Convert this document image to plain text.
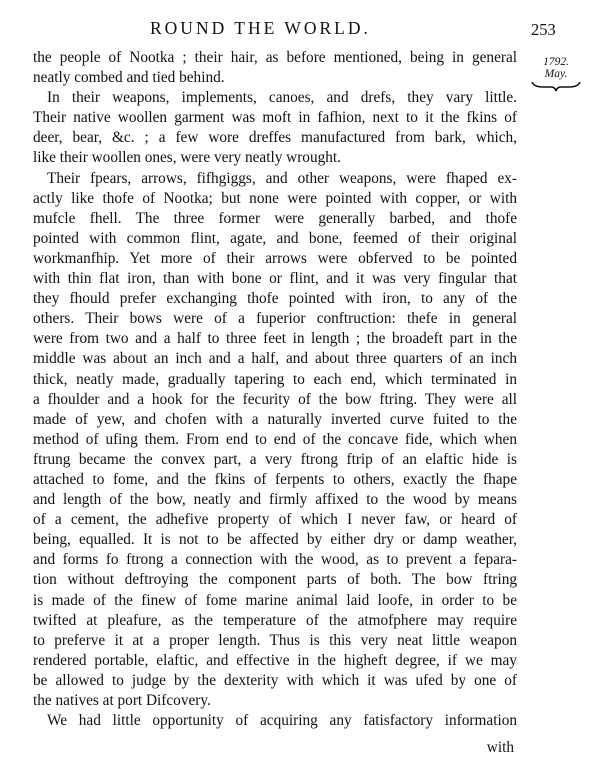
ROUND THE WORLD.	253
1792.
May.
the people of Nootka ; their hair, as before mentioned, being in general
neatly combed and tied behind.
In their weapons, implements, canoes, and drefs, they vary little.
Their native woollen garment was moft in fafhion, next to it the fkins of
deer, bear, &c. ; a few wore dreffes manufactured from bark, which,
like their woollen ones, were very neatly wrought.
Their fpears, arrows, fifhgiggs, and other weapons, were fhaped ex-
actly like thofe of Nootka; but none were pointed with copper, or with
mufcle fhell. The three former were generally barbed, and thofe
pointed with common flint, agate, and bone, feemed of their original
workmanfhip. Yet more of their arrows were obferved to be pointed
with thin flat iron, than with bone or flint, and it was very fingular that
they fhould prefer exchanging thofe pointed with iron, to any of the
others. Their bows were of a fuperior conftruction: thefe in general
were from two and a half to three feet in length ; the broadeft part in the
middle was about an inch and a half, and about three quarters of an inch
thick, neatly made, gradually tapering to each end, which terminated in
a fhoulder and a hook for the fecurity of the bow ftring. They were all
made of yew, and chofen with a naturally inverted curve fuited to the
method of ufing them. From end to end of the concave fide, which when
ftrung became the convex part, a very ftrong ftrip of an elaftic hide is
attached to fome, and the fkins of ferpents to others, exactly the fhape
and length of the bow, neatly and firmly affixed to the wood by means
of a cement, the adhefive property of which I never faw, or heard of
being, equalled. It is not to be affected by either dry or damp weather,
and forms fo ftrong a connection with the wood, as to prevent a fepara-
tion without deftroying the component parts of both. The bow ftring
is made of the finew of fome marine animal laid loofe, in order to be
twifted at pleafure, as the temperature of the atmofphere may require
to preferve it at a proper length. Thus is this very neat little weapon
rendered portable, elaftic, and effective in the higheft degree, if we may
be allowed to judge by the dexterity with which it was ufed by one of
the natives at port Difcovery.
We had little opportunity of acquiring any fatisfactory information
with
